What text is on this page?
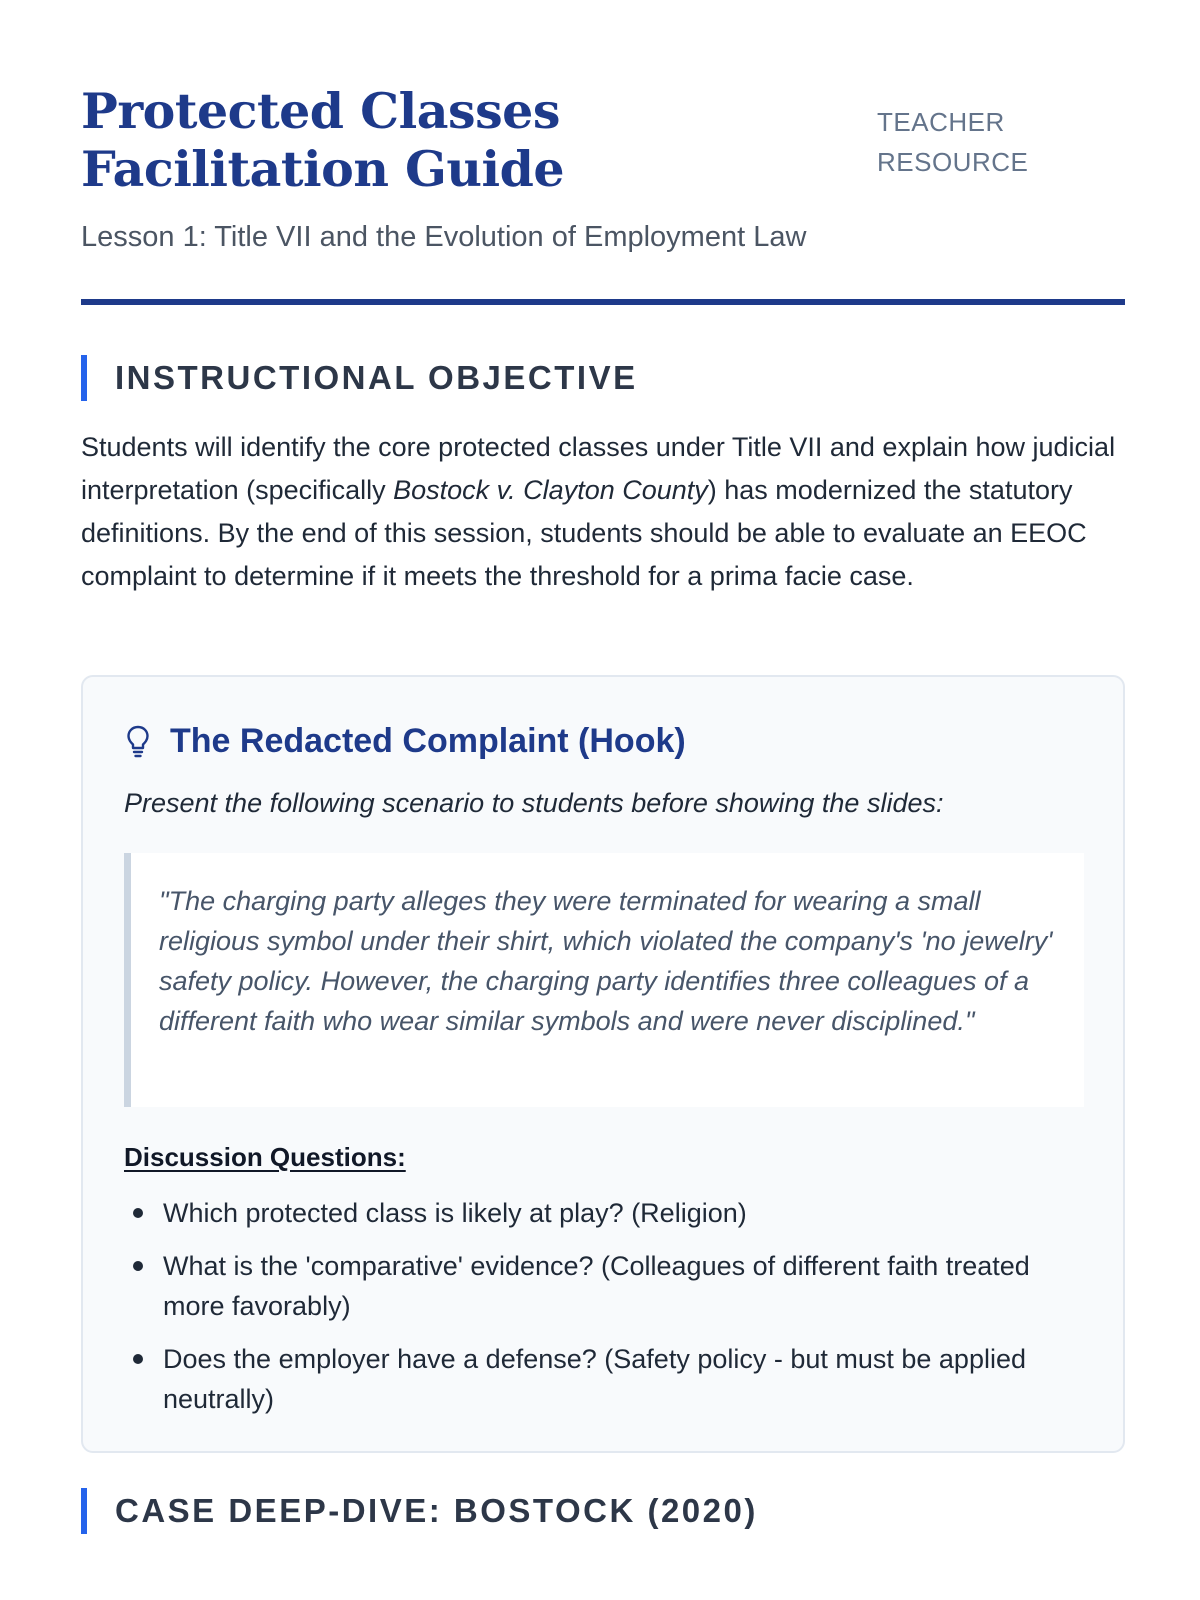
Protected Classes Facilitation Guide
TEACHER
RESOURCE

Lesson 1: Title VII and the Evolution of Employment Law

INSTRUCTIONAL OBJECTIVE

Students will identify the core protected classes under Title VII and explain how judicial interpretation (specifically Bostock v. Clayton County) has modernized the statutory definitions. By the end of this session, students should be able to evaluate an EEOC complaint to determine if it meets the threshold for a prima facie case.

The Redacted Complaint (Hook)

Present the following scenario to students before showing the slides:

"The charging party alleges they were terminated for wearing a small religious symbol under their shirt, which violated the company's 'no jewelry' safety policy. However, the charging party identifies three colleagues of a different faith who wear similar symbols and were never disciplined."

Discussion Questions:

Which protected class is likely at play? (Religion)
What is the 'comparative' evidence? (Colleagues of different faith treated more favorably)
Does the employer have a defense? (Safety policy - but must be applied neutrally)
CASE DEEP-DIVE: BOSTOCK (2020)
